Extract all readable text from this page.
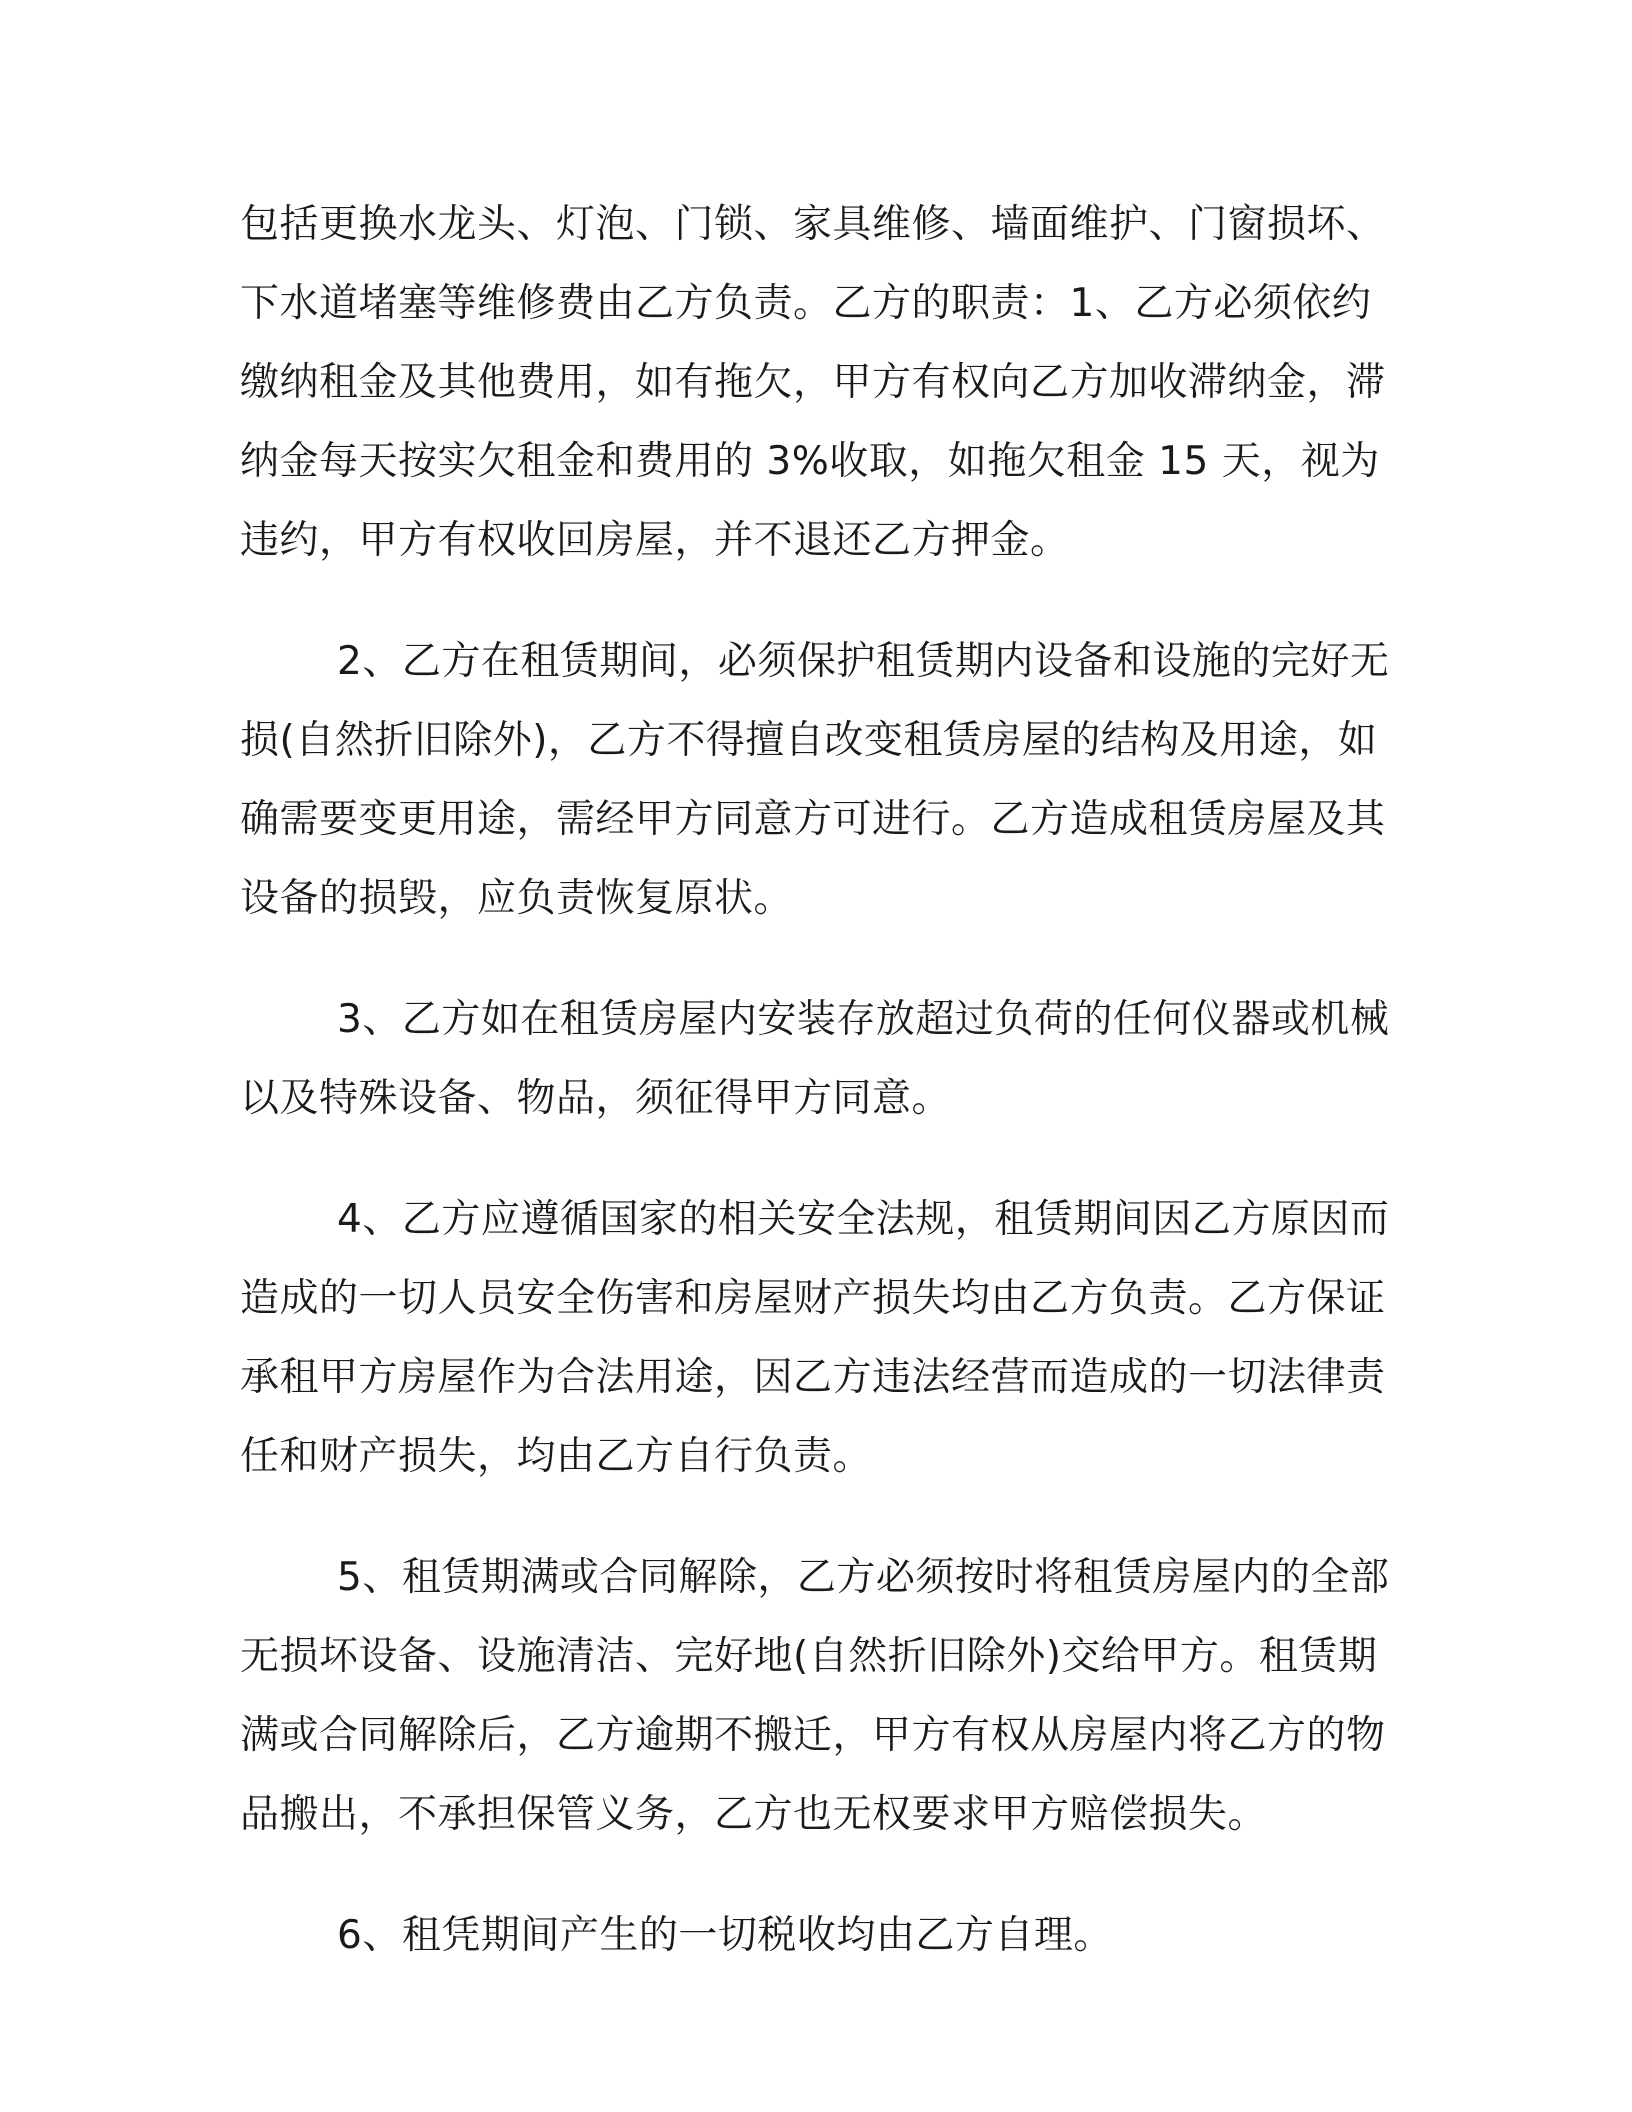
包括更换水龙头、灯泡、门锁、家具维修、墙面维护、门窗损坏、下水道堵塞等维修费由乙方负责。乙方的职责：1、乙方必须依约缴纳租金及其他费用，如有拖欠，甲方有权向乙方加收滞纳金，滞纳金每天按实欠租金和费用的 3%收取，如拖欠租金 15 天，视为违约，甲方有权收回房屋，并不退还乙方押金。

2、乙方在租赁期间，必须保护租赁期内设备和设施的完好无损(自然折旧除外)，乙方不得擅自改变租赁房屋的结构及用途，如确需要变更用途，需经甲方同意方可进行。乙方造成租赁房屋及其设备的损毁，应负责恢复原状。

3、乙方如在租赁房屋内安装存放超过负荷的任何仪器或机械以及特殊设备、物品，须征得甲方同意。

4、乙方应遵循国家的相关安全法规，租赁期间因乙方原因而造成的一切人员安全伤害和房屋财产损失均由乙方负责。乙方保证承租甲方房屋作为合法用途，因乙方违法经营而造成的一切法律责任和财产损失，均由乙方自行负责。

5、租赁期满或合同解除，乙方必须按时将租赁房屋内的全部无损坏设备、设施清洁、完好地(自然折旧除外)交给甲方。租赁期满或合同解除后，乙方逾期不搬迁，甲方有权从房屋内将乙方的物品搬出，不承担保管义务，乙方也无权要求甲方赔偿损失。

6、租凭期间产生的一切税收均由乙方自理。
